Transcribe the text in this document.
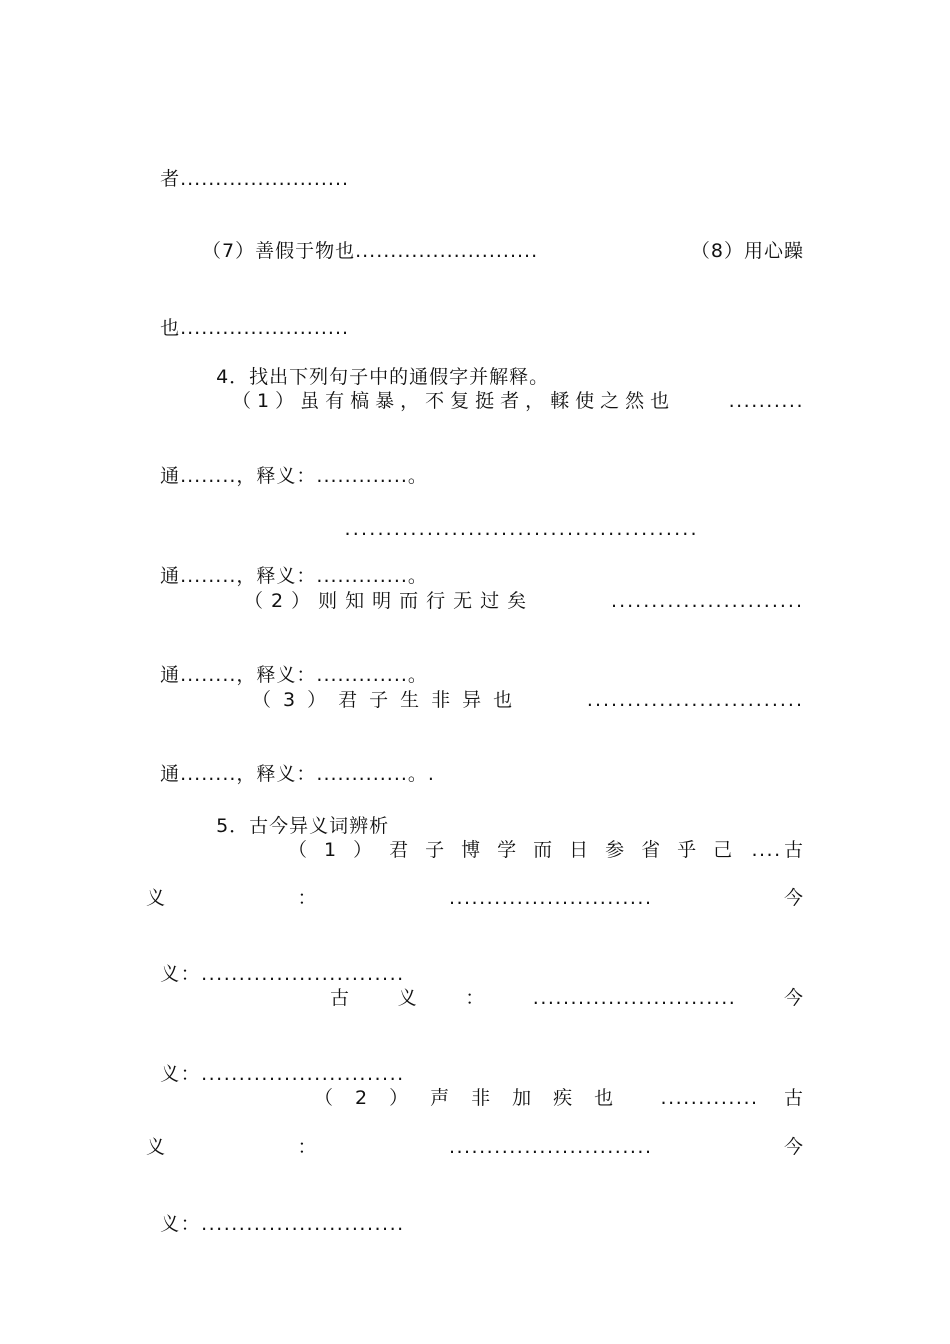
者........................

（7）善假于物也..........................	（8）用心躁

也........................

4．找出下列句子中的通假字并解释。

（1）虽有槁暴，不复挺者，輮使之然也	..........

通........，释义：.............。

...........................................

通........，释义：.............。

（2）则知明而行无过矣	........................

通........，释义：.............。

（3）君子生非异也	...........................

通........，释义：.............。.

5．古今异义词辨析

（1）君子博学而日参省乎己 .... 古
义	：	...........................	今

义：...........................

古	义	：	...........................	今

义：...........................

（2）声非加疾也 ............. 古
义	：	...........................	今

义：...........................
